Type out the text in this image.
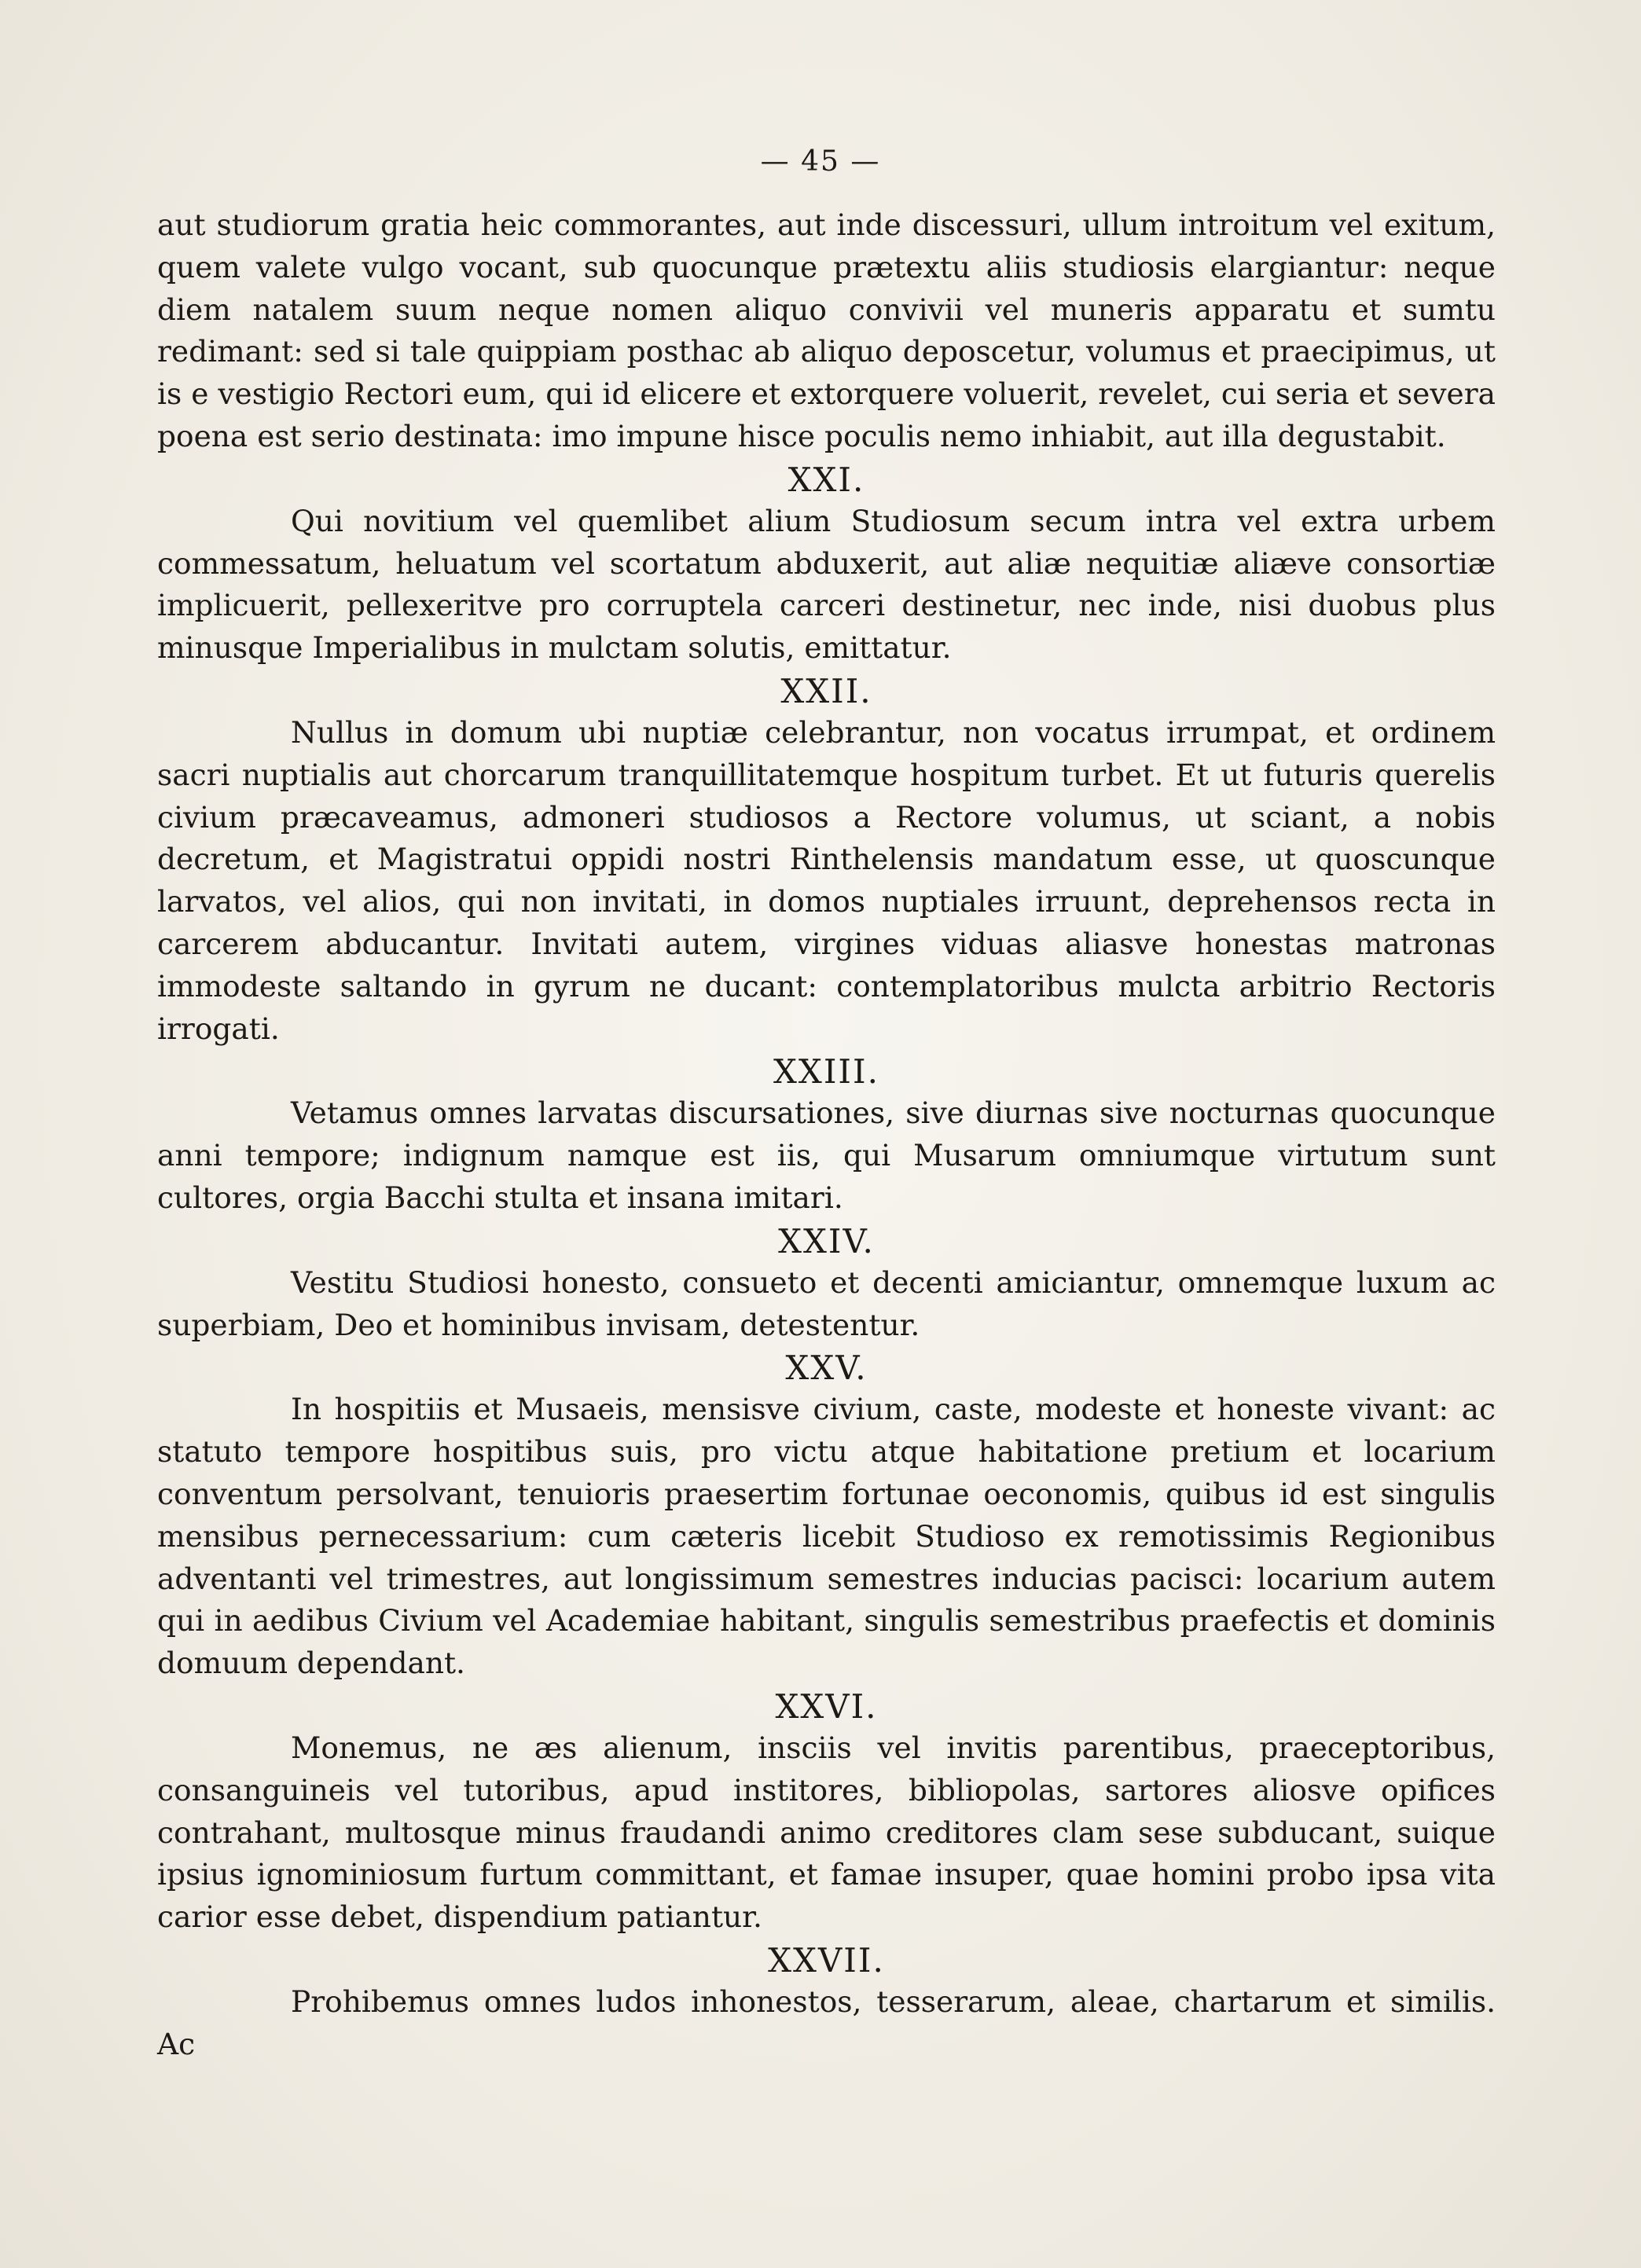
— 45 —

aut studiorum gratia heic commorantes, aut inde discessuri, ullum introitum vel exitum, quem valete vulgo vocant, sub quocunque prætextu aliis studiosis elargiantur: neque diem natalem suum neque nomen aliquo convivii vel muneris apparatu et sumtu redimant: sed si tale quippiam posthac ab aliquo deposcetur, volumus et praecipimus, ut is e vestigio Rectori eum, qui id elicere et extorquere voluerit, revelet, cui seria et severa poena est serio destinata: imo impune hisce poculis nemo inhiabit, aut illa degustabit.

XXI.

Qui novitium vel quemlibet alium Studiosum secum intra vel extra urbem commessatum, heluatum vel scortatum abduxerit, aut aliæ nequitiæ aliæve consortiæ implicuerit, pellexeritve pro corruptela carceri destinetur, nec inde, nisi duobus plus minusque Imperialibus in mulctam solutis, emittatur.

XXII.

Nullus in domum ubi nuptiæ celebrantur, non vocatus irrumpat, et ordinem sacri nuptialis aut chorcarum tranquillitatemque hospitum turbet. Et ut futuris querelis civium præcaveamus, admoneri studiosos a Rectore volumus, ut sciant, a nobis decretum, et Magistratui oppidi nostri Rinthelensis mandatum esse, ut quoscunque larvatos, vel alios, qui non invitati, in domos nuptiales irruunt, deprehensos recta in carcerem abducantur. Invitati autem, virgines viduas aliasve honestas matronas immodeste saltando in gyrum ne ducant: contemplatoribus mulcta arbitrio Rectoris irrogati.

XXIII.

Vetamus omnes larvatas discursationes, sive diurnas sive nocturnas quocunque anni tempore; indignum namque est iis, qui Musarum omniumque virtutum sunt cultores, orgia Bacchi stulta et insana imitari.

XXIV.

Vestitu Studiosi honesto, consueto et decenti amiciantur, omnemque luxum ac superbiam, Deo et hominibus invisam, detestentur.

XXV.

In hospitiis et Musaeis, mensisve civium, caste, modeste et honeste vivant: ac statuto tempore hospitibus suis, pro victu atque habitatione pretium et locarium conventum persolvant, tenuioris praesertim fortunae oeconomis, quibus id est singulis mensibus pernecessarium: cum cæteris licebit Studioso ex remotissimis Regionibus adventanti vel trimestres, aut longissimum semestres inducias pacisci: locarium autem qui in aedibus Civium vel Academiae habitant, singulis semestribus praefectis et dominis domuum dependant.

XXVI.

Monemus, ne æs alienum, insciis vel invitis parentibus, praeceptoribus, consanguineis vel tutoribus, apud institores, bibliopolas, sartores aliosve opifices contrahant, multosque minus fraudandi animo creditores clam sese subducant, suique ipsius ignominiosum furtum committant, et famae insuper, quae homini probo ipsa vita carior esse debet, dispendium patiantur.

XXVII.

Prohibemus omnes ludos inhonestos, tesserarum, aleae, chartarum et similis. Ac
